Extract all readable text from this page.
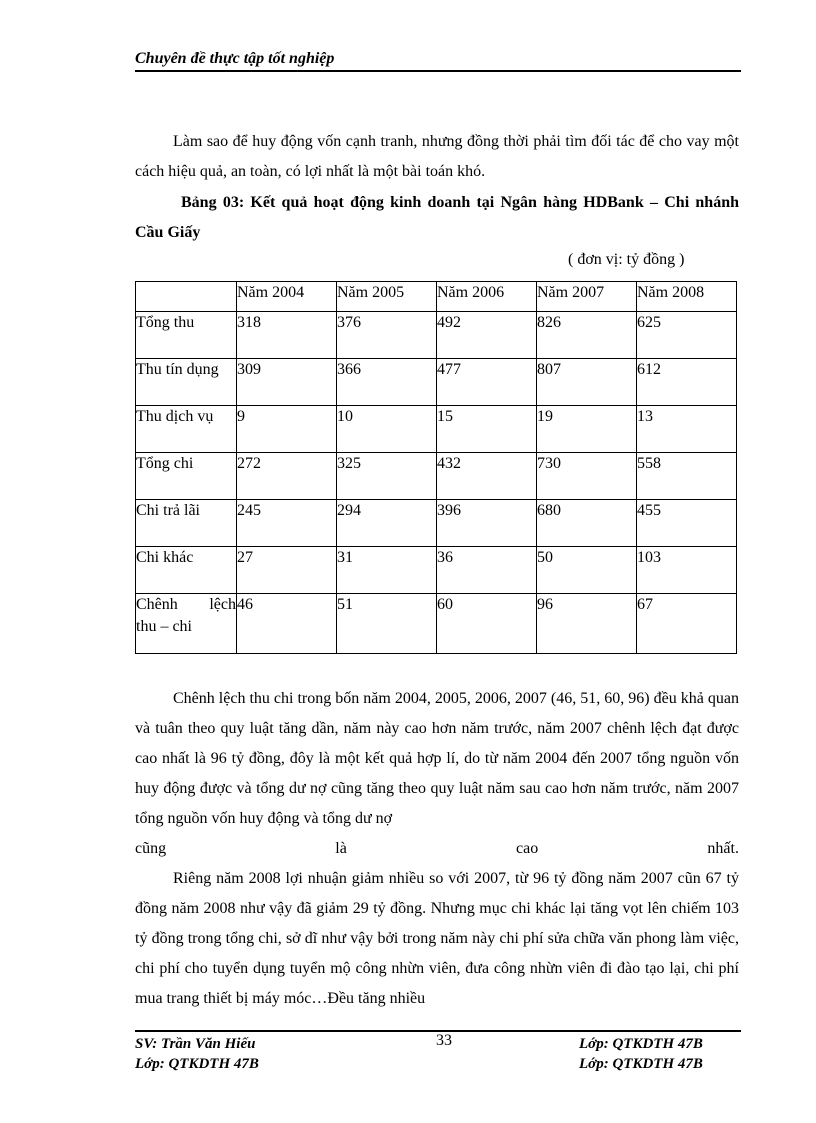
Chuyên đề thực tập tốt nghiệp

Làm sao để huy động vốn cạnh tranh, nhưng đồng thời phải tìm đối tác để cho vay một cách hiệu quả, an toàn, có lợi nhất là một bài toán khó.

Bảng 03: Kết quả hoạt động kinh doanh tại Ngân hàng HDBank – Chi nhánh Cầu Giấy

( đơn vị: tỷ đồng )
	Năm 2004	Năm 2005	Năm 2006	Năm 2007	Năm 2008
Tổng thu	318	376	492	826	625
Thu tín dụng	309	366	477	807	612
Thu dịch vụ	9	10	15	19	13
Tổng chi	272	325	432	730	558
Chi trả lãi	245	294	396	680	455
Chi khác	27	31	36	50	103

Chênh lệch
thu – chi	46	51	60	96	67
Chênh lệch thu chi trong bốn năm 2004, 2005, 2006, 2007 (46, 51, 60, 96) đều khả quan và tuân theo quy luật tăng dần, năm này cao hơn năm trước, năm 2007 chênh lệch đạt được cao nhất là 96 tỷ đồng, đôy là một kết quả hợp lí, do từ năm 2004 đến 2007 tổng nguồn vốn huy động được và tổng dư nợ cũng tăng theo quy luật năm sau cao hơn năm trước, năm 2007 tổng nguồn vốn huy động và tổng dư nợ
cũng	là	cao	nhất.
Riêng năm 2008 lợi nhuận giảm nhiều so với 2007, từ 96 tỷ đồng năm 2007 cũn 67 tỷ đồng năm 2008 như vậy đã giảm 29 tỷ đồng. Nhưng mục chi khác lại tăng vọt lên chiếm 103 tỷ đồng trong tổng chi, sở dĩ như vậy bởi trong năm này chi phí sửa chữa văn phong làm việc, chi phí cho tuyển dụng tuyển mộ công nhừn viên, đưa công nhừn viên đi đào tạo lại, chi phí mua trang thiết bị máy móc…Đều tăng nhiều
SV: Trần Văn Hiếu
Lớp: QTKDTH 47B
33	Lớp: QTKDTH 47B
Lớp: QTKDTH 47B
